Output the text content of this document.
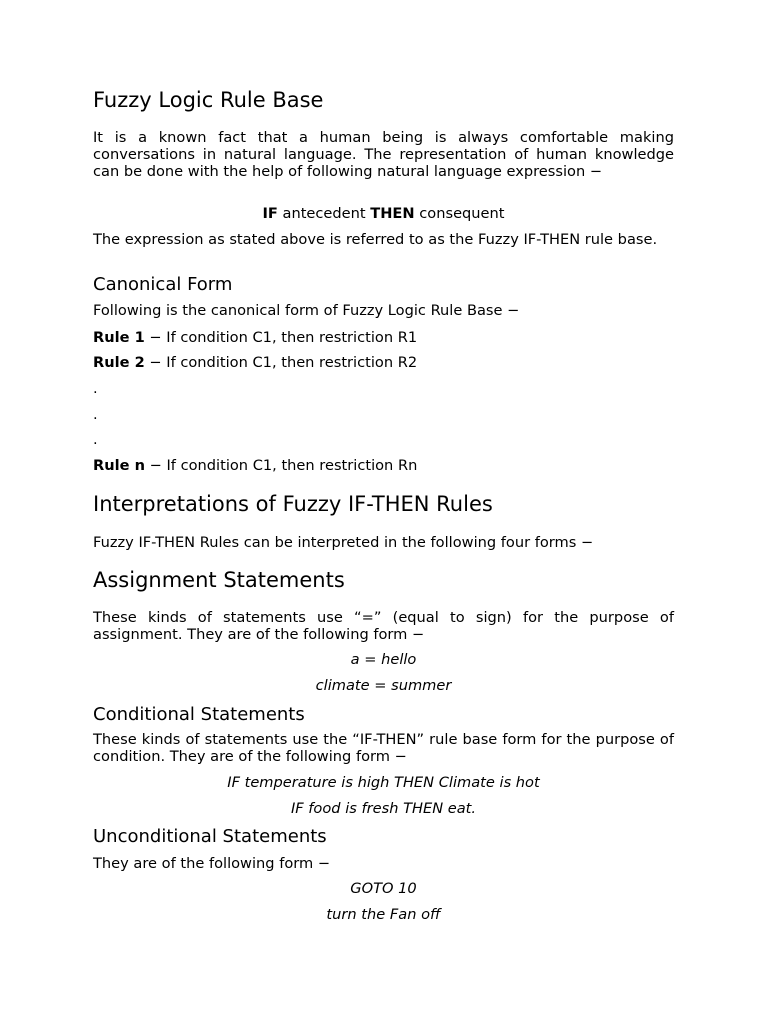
Fuzzy Logic Rule Base

It is a known fact that a human being is always comfortable making conversations in natural language. The representation of human knowledge can be done with the help of following natural language expression −

IF antecedent THEN consequent

The expression as stated above is referred to as the Fuzzy IF-THEN rule base.

Canonical Form
Following is the canonical form of Fuzzy Logic Rule Base −
Rule 1 − If condition C1, then restriction R1
Rule 2 − If condition C1, then restriction R2
.
.
.
Rule n − If condition C1, then restriction Rn
Interpretations of Fuzzy IF-THEN Rules
Fuzzy IF-THEN Rules can be interpreted in the following four forms −
Assignment Statements

These kinds of statements use “=” (equal to sign) for the purpose of assignment. They are of the following form −

a = hello
climate = summer
Conditional Statements

These kinds of statements use the “IF-THEN” rule base form for the purpose of condition. They are of the following form −

IF temperature is high THEN Climate is hot
IF food is fresh THEN eat.
Unconditional Statements
They are of the following form −
GOTO 10
turn the Fan off
